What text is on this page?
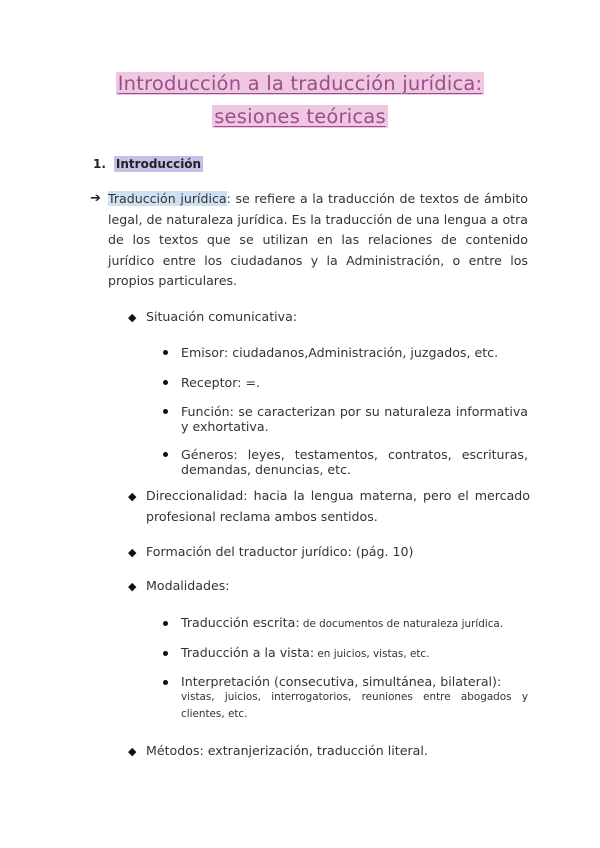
Introducción a la traducción jurídica:
sesiones teóricas
1. Introducción
➔ Traducción jurídica: se refiere a la traducción de textos de ámbito legal, de naturaleza jurídica. Es la traducción de una lengua a otra de los textos que se utilizan en las relaciones de contenido jurídico entre los ciudadanos y la Administración, o entre los propios particulares.
◆ Situación comunicativa:
Emisor: ciudadanos,Administración, juzgados, etc.
Receptor: =.
Función: se caracterizan por su naturaleza informativa y exhortativa.
Géneros: leyes, testamentos, contratos, escrituras, demandas, denuncias, etc.
◆ Direccionalidad: hacia la lengua materna, pero el mercado profesional reclama ambos sentidos.
◆ Formación del traductor jurídico: (pág. 10)
◆ Modalidades:
Traducción escrita: de documentos de naturaleza jurídica.
Traducción a la vista: en juicios, vistas, etc.
Interpretación (consecutiva, simultánea, bilateral):
vistas, juicios, interrogatorios, reuniones entre abogados y clientes, etc.
◆ Métodos: extranjerización, traducción literal.
